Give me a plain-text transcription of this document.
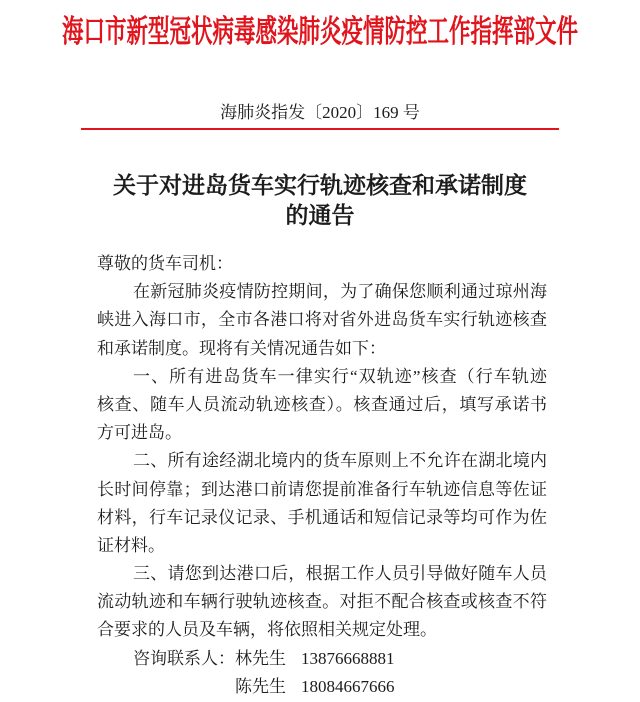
海口市新型冠状病毒感染肺炎疫情防控工作指挥部文件
海肺炎指发〔2020〕169 号
关于对进岛货车实行轨迹核查和承诺制度
的通告
尊敬的货车司机：
在新冠肺炎疫情防控期间，为了确保您顺利通过琼州海
峡进入海口市，全市各港口将对省外进岛货车实行轨迹核查
和承诺制度。现将有关情况通告如下：
一、所有进岛货车一律实行“双轨迹”核查（行车轨迹
核查、随车人员流动轨迹核查）。核查通过后，填写承诺书
方可进岛。
二、所有途经湖北境内的货车原则上不允许在湖北境内
长时间停靠；到达港口前请您提前准备行车轨迹信息等佐证
材料，行车记录仪记录、手机通话和短信记录等均可作为佐
证材料。
三、请您到达港口后，根据工作人员引导做好随车人员
流动轨迹和车辆行驶轨迹核查。对拒不配合核查或核查不符
合要求的人员及车辆，将依照相关规定处理。
咨询联系人：林先生 13876668881
陈先生 18084667666
